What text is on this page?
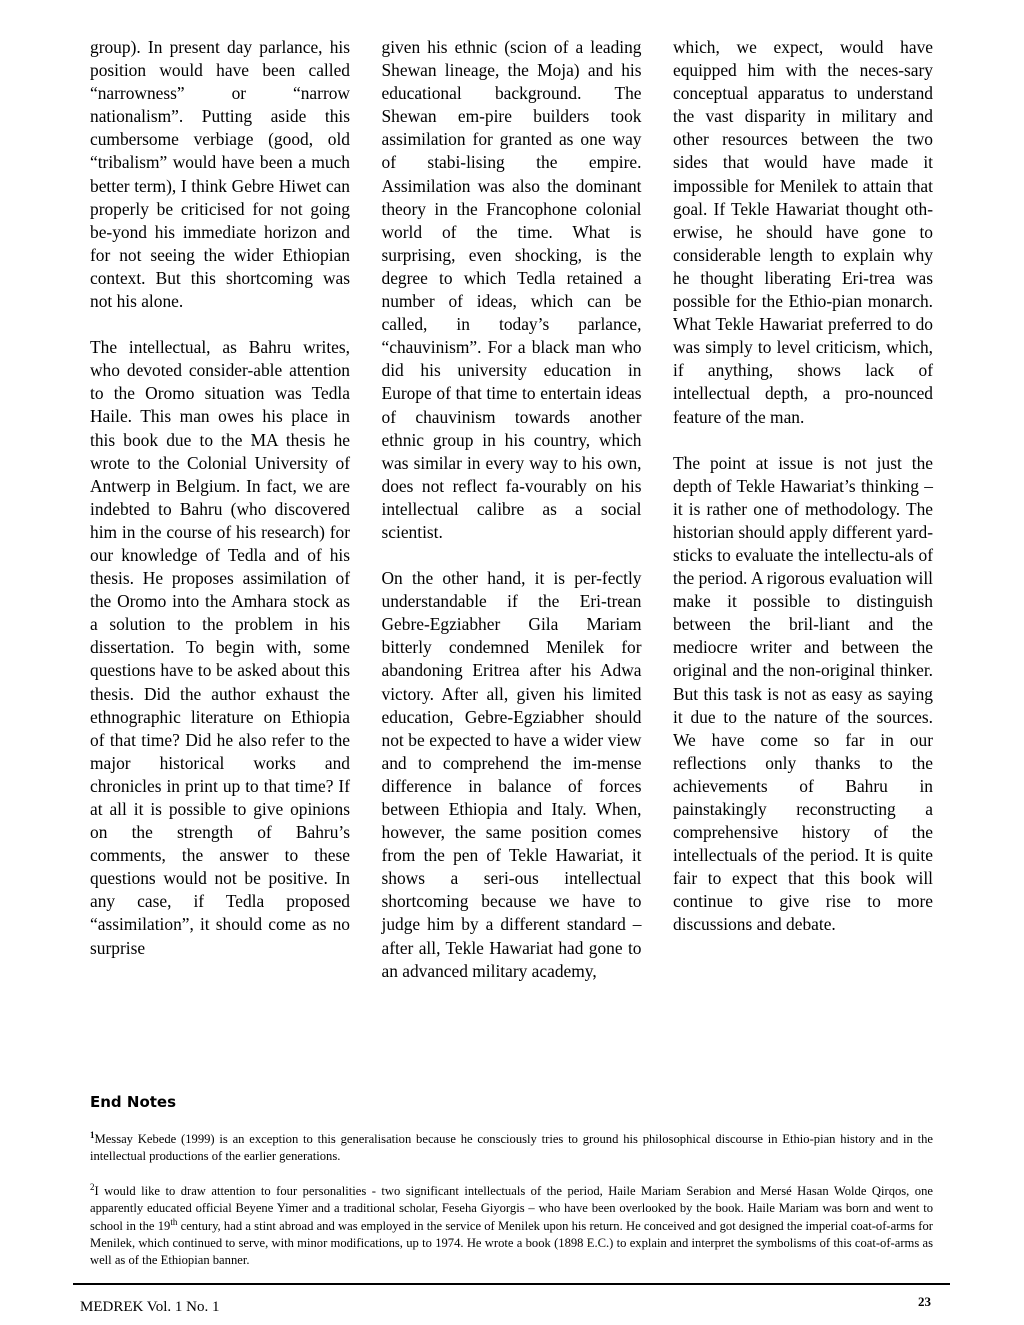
group). In present day parlance, his position would have been called “narrowness” or “narrow nationalism”. Putting aside this cumbersome verbiage (good, old “tribalism” would have been a much better term), I think Gebre Hiwet can properly be criticised for not going be-yond his immediate horizon and for not seeing the wider Ethiopian context. But this shortcoming was not his alone.

The intellectual, as Bahru writes, who devoted consider-able attention to the Oromo situation was Tedla Haile. This man owes his place in this book due to the MA thesis he wrote to the Colonial University of Antwerp in Belgium. In fact, we are indebted to Bahru (who discovered him in the course of his research) for our knowledge of Tedla and of his thesis. He proposes assimilation of the Oromo into the Amhara stock as a solution to the problem in his dissertation. To begin with, some questions have to be asked about this thesis. Did the author exhaust the ethnographic literature on Ethiopia of that time? Did he also refer to the major historical works and chronicles in print up to that time? If at all it is possible to give opinions on the strength of Bahru’s comments, the answer to these questions would not be positive. In any case, if Tedla proposed “assimilation”, it should come as no surprise

given his ethnic (scion of a leading Shewan lineage, the Moja) and his educational background. The Shewan em-pire builders took assimilation for granted as one way of stabi-lising the empire. Assimilation was also the dominant theory in the Francophone colonial world of the time. What is surprising, even shocking, is the degree to which Tedla retained a number of ideas, which can be called, in today’s parlance, “chauvinism”. For a black man who did his university education in Europe of that time to entertain ideas of chauvinism towards another ethnic group in his country, which was similar in every way to his own, does not reflect fa-vourably on his intellectual calibre as a social scientist.

On the other hand, it is per-fectly understandable if the Eri-trean Gebre-Egziabher Gila Mariam bitterly condemned Menilek for abandoning Eritrea after his Adwa victory. After all, given his limited education, Gebre-Egziabher should not be expected to have a wider view and to comprehend the im-mense difference in balance of forces between Ethiopia and Italy. When, however, the same position comes from the pen of Tekle Hawariat, it shows a seri-ous intellectual shortcoming because we have to judge him by a different standard – after all, Tekle Hawariat had gone to an advanced military academy,

which, we expect, would have equipped him with the neces-sary conceptual apparatus to understand the vast disparity in military and other resources between the two sides that would have made it impossible for Menilek to attain that goal. If Tekle Hawariat thought oth-erwise, he should have gone to considerable length to explain why he thought liberating Eri-trea was possible for the Ethio-pian monarch. What Tekle Hawariat preferred to do was simply to level criticism, which, if anything, shows lack of intellectual depth, a pro-nounced feature of the man.

The point at issue is not just the depth of Tekle Hawariat’s thinking – it is rather one of methodology. The historian should apply different yard-sticks to evaluate the intellectu-als of the period. A rigorous evaluation will make it possible to distinguish between the bril-liant and the mediocre writer and between the original and the non-original thinker. But this task is not as easy as saying it due to the nature of the sources. We have come so far in our reflections only thanks to the achievements of Bahru in painstakingly reconstructing a comprehensive history of the intellectuals of the period. It is quite fair to expect that this book will continue to give rise to more discussions and debate.

End Notes

$^1$Messay Kebede (1999) is an exception to this generalisation because he consciously tries to ground his philosophical discourse in Ethio-pian history and in the intellectual productions of the earlier generations.

$^2$I would like to draw attention to four personalities - two significant intellectuals of the period, Haile Mariam Serabion and Mersé Hasan Wolde Qirqos, one apparently educated official Beyene Yimer and a traditional scholar, Feseha Giyorgis – who have been overlooked by the book. Haile Mariam was born and went to school in the 19th century, had a stint abroad and was employed in the service of Menilek upon his return. He conceived and got designed the imperial coat-of-arms for Menilek, which continued to serve, with minor modifications, up to 1974. He wrote a book (1898 E.C.) to explain and interpret the symbolisms of this coat-of-arms as well as of the Ethiopian banner.

MEDREK Vol. 1 No. 1	23
